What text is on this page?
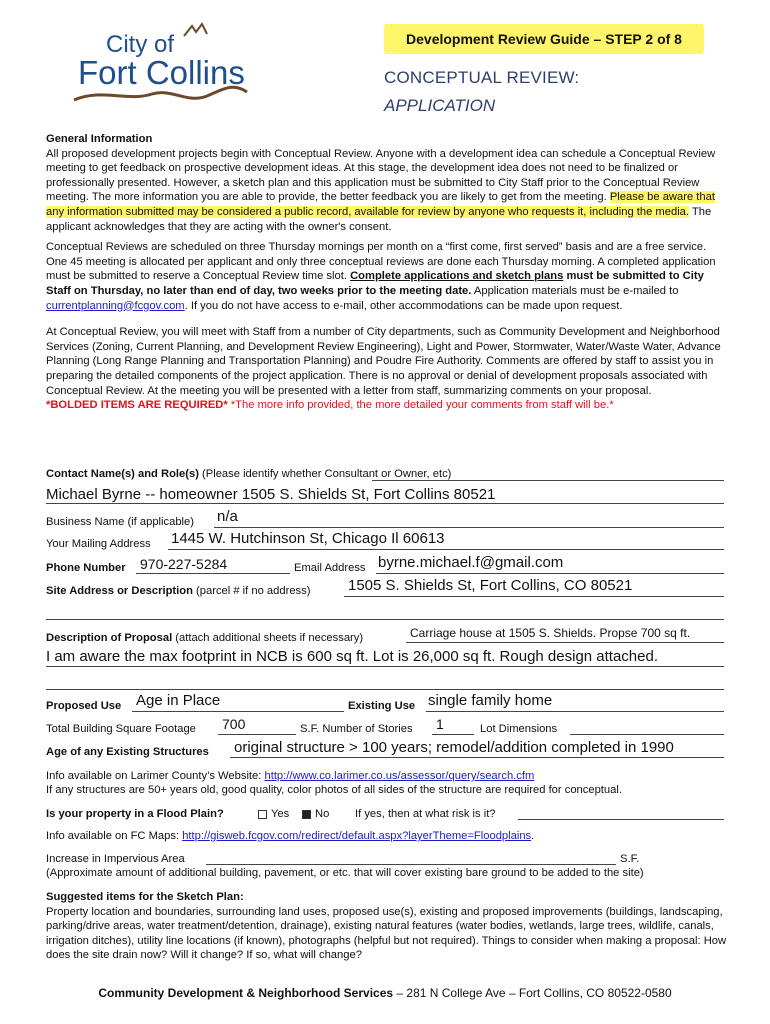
City of
Fort Collins
Development Review Guide – STEP 2 of 8
CONCEPTUAL REVIEW:
APPLICATION

General Information

All proposed development projects begin with Conceptual Review. Anyone with a development idea can schedule a Conceptual Review meeting to get feedback on prospective development ideas. At this stage, the development idea does not need to be finalized or professionally presented. However, a sketch plan and this application must be submitted to City Staff prior to the Conceptual Review meeting. The more information you are able to provide, the better feedback you are likely to get from the meeting. Please be aware that any information submitted may be considered a public record, available for review by anyone who requests it, including the media. The applicant acknowledges that they are acting with the owner's consent.

Conceptual Reviews are scheduled on three Thursday mornings per month on a “first come, first served” basis and are a free service. One 45 meeting is allocated per applicant and only three conceptual reviews are done each Thursday morning. A completed application must be submitted to reserve a Conceptual Review time slot. Complete applications and sketch plans must be submitted to City Staff on Thursday, no later than end of day, two weeks prior to the meeting date. Application materials must be e-mailed to currentplanning@fcgov.com. If you do not have access to e-mail, other accommodations can be made upon request.

At Conceptual Review, you will meet with Staff from a number of City departments, such as Community Development and Neighborhood Services (Zoning, Current Planning, and Development Review Engineering), Light and Power, Stormwater, Water/Waste Water, Advance Planning (Long Range Planning and Transportation Planning) and Poudre Fire Authority. Comments are offered by staff to assist you in preparing the detailed components of the project application. There is no approval or denial of development proposals associated with Conceptual Review. At the meeting you will be presented with a letter from staff, summarizing comments on your proposal.

*BOLDED ITEMS ARE REQUIRED* *The more info provided, the more detailed your comments from staff will be.*

Contact Name(s) and Role(s) (Please identify whether Consultant or Owner, etc)
Michael Byrne -- homeowner 1505 S. Shields St, Fort Collins 80521
Business Name (if applicable) n/a
Your Mailing Address 1445 W. Hutchinson St, Chicago Il 60613
Phone Number 970-227-5284	Email Address byrne.michael.f@gmail.com
Site Address or Description (parcel # if no address)	1505 S. Shields St, Fort Collins, CO 80521
Description of Proposal (attach additional sheets if necessary)	Carriage house at 1505 S. Shields. Propse 700 sq ft.
I am aware the max footprint in NCB is 600 sq ft. Lot is 26,000 sq ft. Rough design attached.
Proposed Use Age in Place	Existing Use single family home
Total Building Square Footage 700	S.F. Number of Stories 1	Lot Dimensions
Age of any Existing Structures original structure > 100 years; remodel/addition completed in 1990
Info available on Larimer County’s Website: http://www.co.larimer.co.us/assessor/query/search.cfm
If any structures are 50+ years old, good quality, color photos of all sides of the structure are required for conceptual.
Is your property in a Flood Plain?	Yes	No If yes, then at what risk is it?
Info available on FC Maps: http://gisweb.fcgov.com/redirect/default.aspx?layerTheme=Floodplains.
Increase in Impervious Area	S.F.
(Approximate amount of additional building, pavement, or etc. that will cover existing bare ground to be added to the site)

Suggested items for the Sketch Plan:

Property location and boundaries, surrounding land uses, proposed use(s), existing and proposed improvements (buildings, landscaping, parking/drive areas, water treatment/detention, drainage), existing natural features (water bodies, wetlands, large trees, wildlife, canals, irrigation ditches), utility line locations (if known), photographs (helpful but not required). Things to consider when making a proposal: How does the site drain now? Will it change? If so, what will change?

Community Development & Neighborhood Services – 281 N College Ave – Fort Collins, CO 80522-0580
